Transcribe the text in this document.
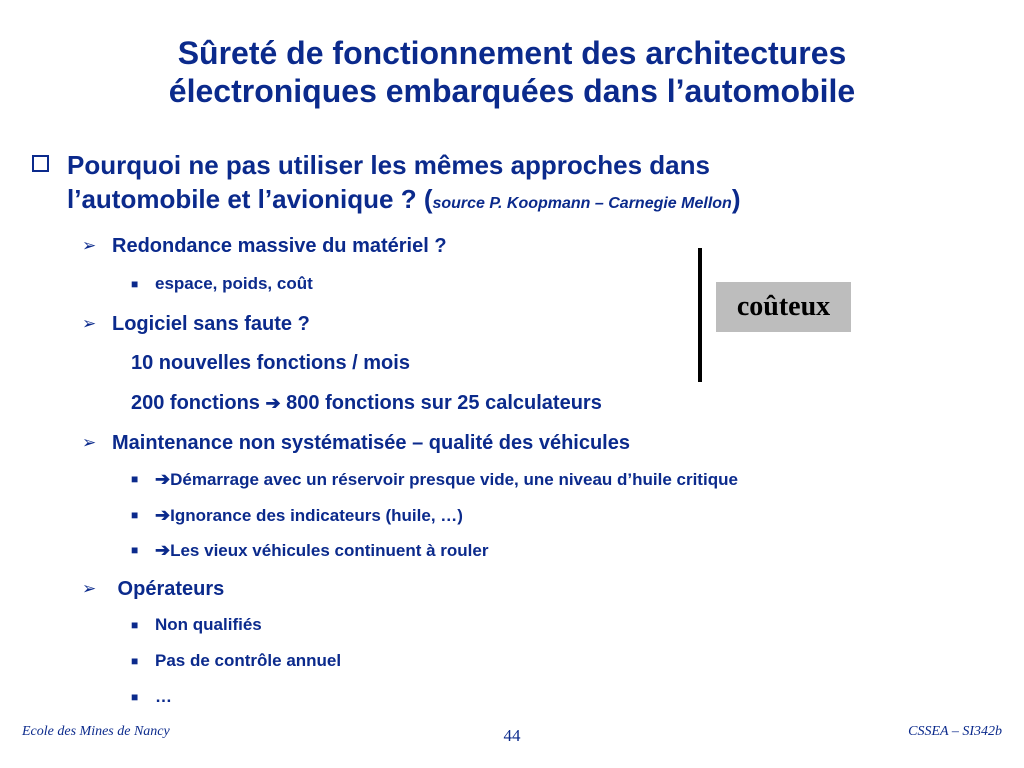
Sûreté de fonctionnement des architectures
électroniques embarquées dans l’automobile
Pourquoi ne pas utiliser les mêmes approches dans
l’automobile et l’avionique ? (source P. Koopmann – Carnegie Mellon)
➢ Redondance massive du matériel ?
■ espace, poids, coût
➢ Logiciel sans faute ?
10 nouvelles fonctions / mois
200 fonctions ➔ 800 fonctions sur 25 calculateurs
➢ Maintenance non systématisée – qualité des véhicules
■ ➔Démarrage avec un réservoir presque vide, une niveau d’huile critique
■ ➔Ignorance des indicateurs (huile, …)
■ ➔Les vieux véhicules continuent à rouler
➢ Opérateurs
■ Non qualifiés
■ Pas de contrôle annuel
■ …
coûteux
Ecole des Mines de Nancy	44	CSSEA – SI342b
